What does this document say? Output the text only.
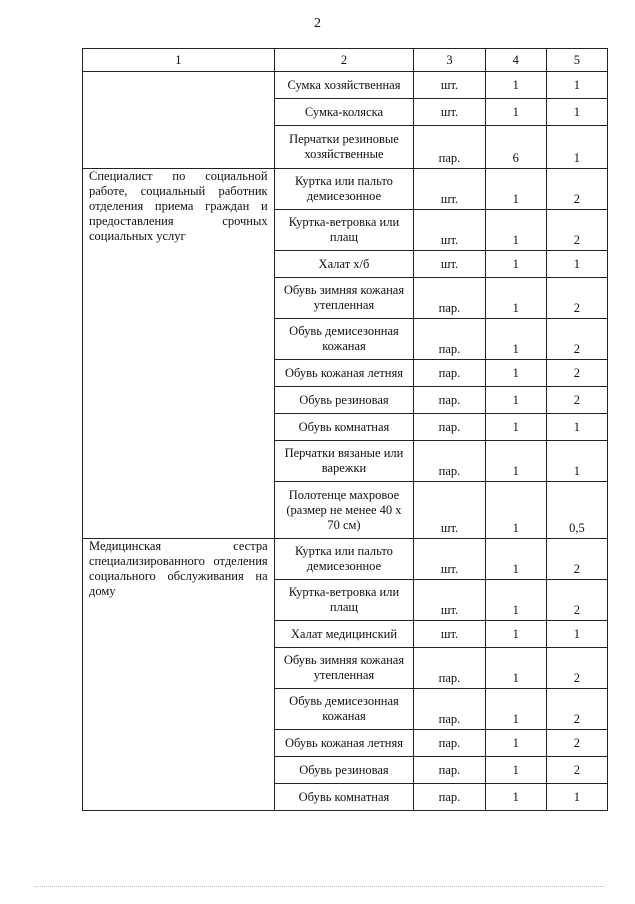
2
1	2	3	4	5
	Сумка хозяйственная	шт.	1	1
	Сумка-коляска	шт.	1	1
	Перчатки резиновые хозяйственные	пар.	6	1
Специалист по социальной работе, социальный работник отделения приема граждан и предоставления срочных социальных услуг	Куртка или пальто демисезонное	шт.	1	2
	Куртка-ветровка или плащ	шт.	1	2
	Халат х/б	шт.	1	1
	Обувь зимняя кожаная утепленная	пар.	1	2
	Обувь демисезонная кожаная	пар.	1	2
	Обувь кожаная летняя	пар.	1	2
	Обувь резиновая	пар.	1	2
	Обувь комнатная	пар.	1	1
	Перчатки вязаные или варежки	пар.	1	1
	Полотенце махровое (размер не менее 40 х 70 см)	шт.	1	0,5
Медицинская сестра специализированного отделения социального обслуживания на дому	Куртка или пальто демисезонное	шт.	1	2
	Куртка-ветровка или плащ	шт.	1	2
	Халат медицинский	шт.	1	1
	Обувь зимняя кожаная утепленная	пар.	1	2
	Обувь демисезонная кожаная	пар.	1	2
	Обувь кожаная летняя	пар.	1	2
	Обувь резиновая	пар.	1	2
	Обувь комнатная	пар.	1	1
